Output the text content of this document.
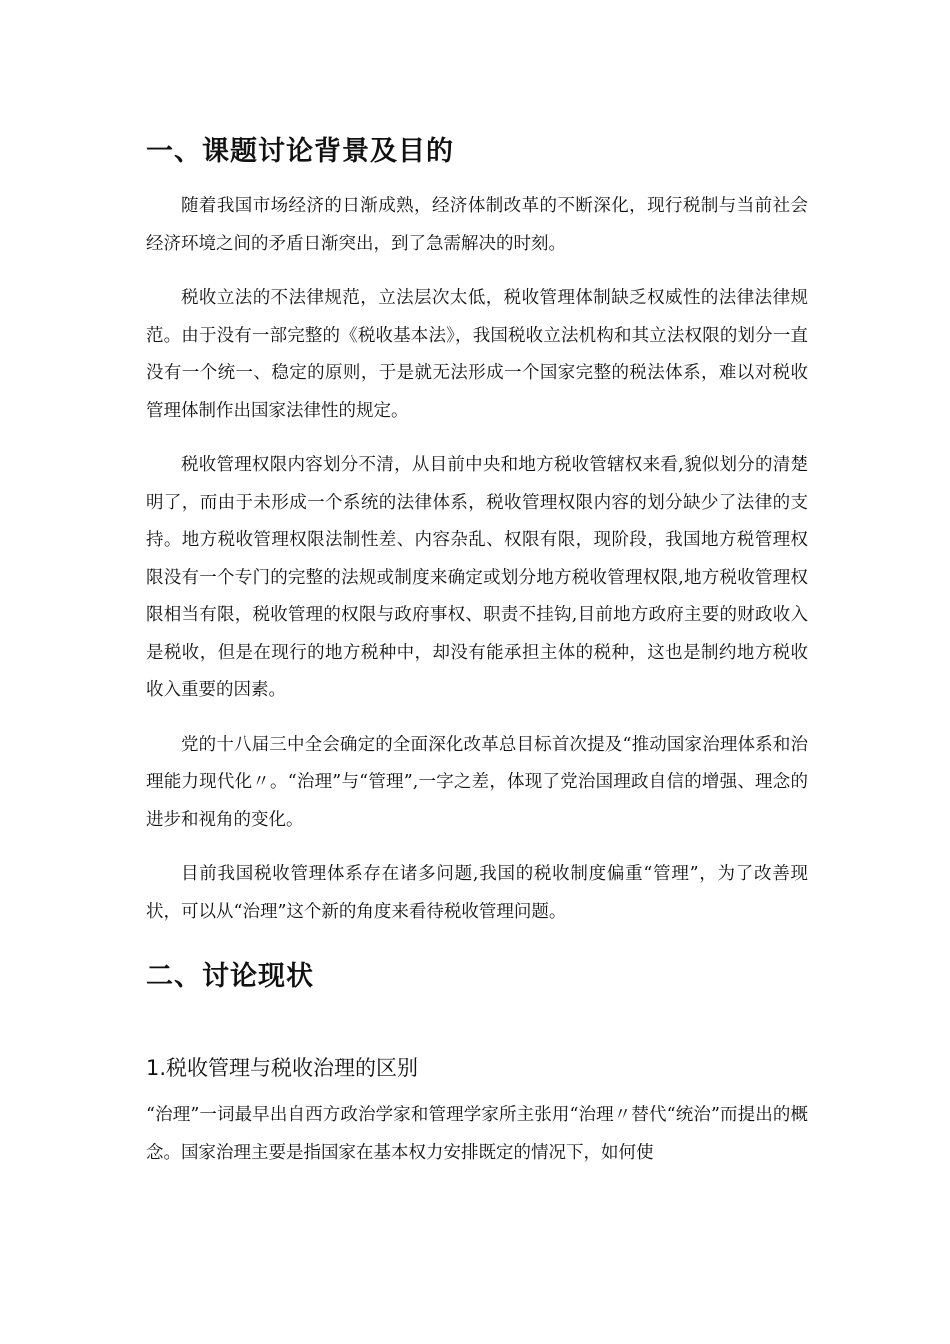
一、课题讨论背景及目的

随着我国市场经济的日渐成熟，经济体制改革的不断深化，现行税制与当前社会经济环境之间的矛盾日渐突出，到了急需解决的时刻。

税收立法的不法律规范，立法层次太低，税收管理体制缺乏权威性的法律法律规范。由于没有一部完整的《税收基本法》，我国税收立法机构和其立法权限的划分一直没有一个统一、稳定的原则，于是就无法形成一个国家完整的税法体系，难以对税收管理体制作出国家法律性的规定。

税收管理权限内容划分不清，从目前中央和地方税收管辖权来看,貌似划分的清楚明了，而由于未形成一个系统的法律体系，税收管理权限内容的划分缺少了法律的支持。地方税收管理权限法制性差、内容杂乱、权限有限，现阶段，我国地方税管理权限没有一个专门的完整的法规或制度来确定或划分地方税收管理权限,地方税收管理权限相当有限，税收管理的权限与政府事权、职责不挂钩,目前地方政府主要的财政收入是税收，但是在现行的地方税种中，却没有能承担主体的税种，这也是制约地方税收收入重要的因素。

党的十八届三中全会确定的全面深化改革总目标首次提及“推动国家治理体系和治理能力现代化〃。“治理”与“管理”,一字之差，体现了党治国理政自信的增强、理念的进步和视角的变化。

目前我国税收管理体系存在诸多问题,我国的税收制度偏重“管理”，为了改善现状，可以从“治理”这个新的角度来看待税收管理问题。

二、讨论现状
1.税收管理与税收治理的区别

“治理”一词最早出自西方政治学家和管理学家所主张用“治理〃替代“统治”而提出的概念。国家治理主要是指国家在基本权力安排既定的情况下，如何使
